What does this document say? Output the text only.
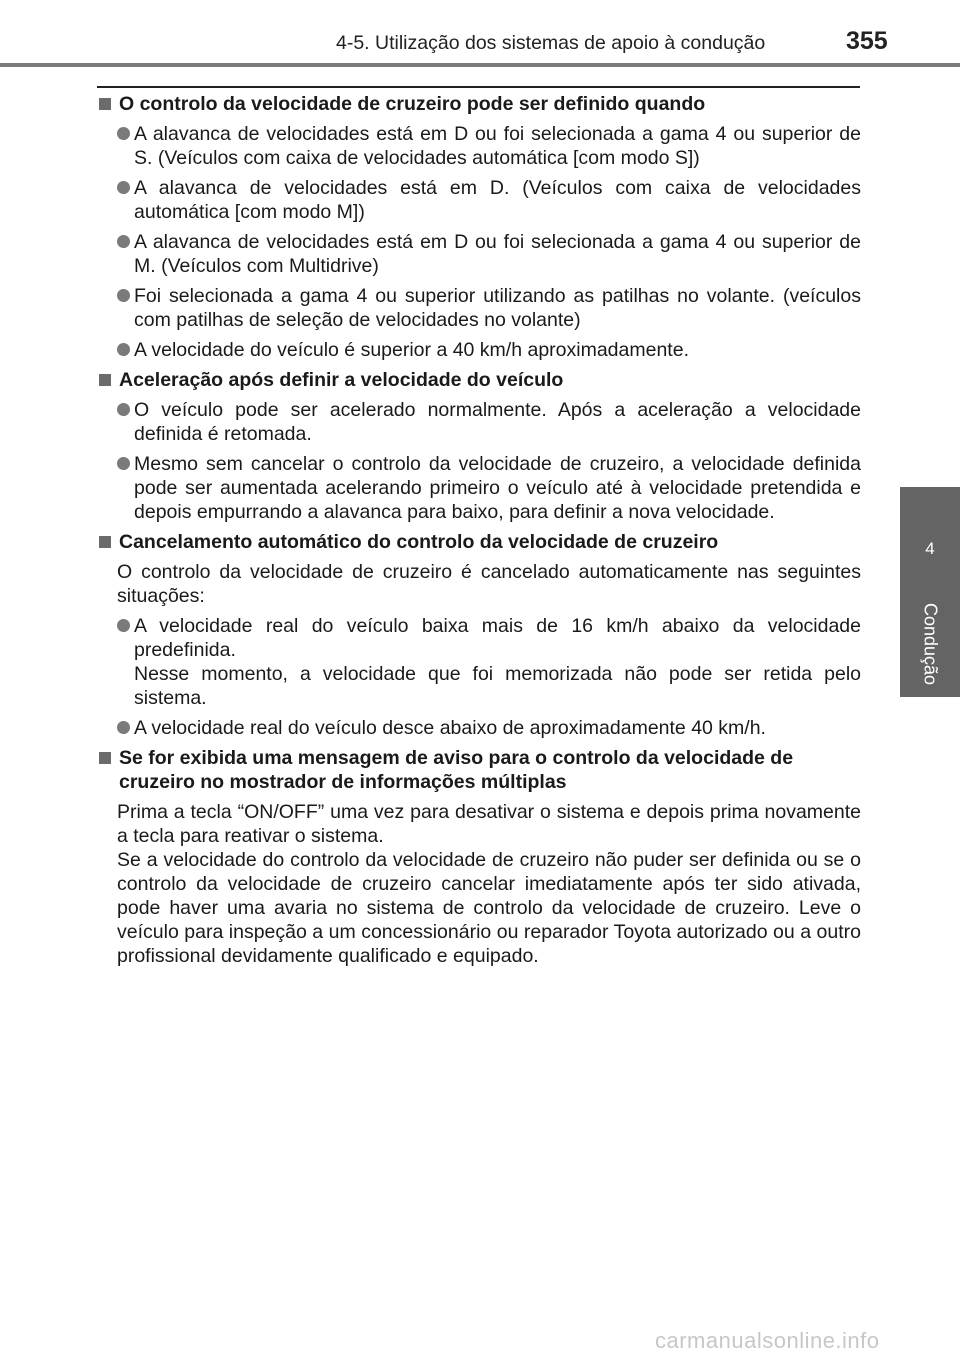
4-5. Utilização dos sistemas de apoio à condução	355
4
Condução
O controlo da velocidade de cruzeiro pode ser definido quando
A alavanca de velocidades está em D ou foi selecionada a gama 4 ou superior de S. (Veículos com caixa de velocidades automática [com modo S])
A alavanca de velocidades está em D. (Veículos com caixa de velocidades automática [com modo M])
A alavanca de velocidades está em D ou foi selecionada a gama 4 ou superior de M. (Veículos com Multidrive)
Foi selecionada a gama 4 ou superior utilizando as patilhas no volante. (veículos com patilhas de seleção de velocidades no volante)
A velocidade do veículo é superior a 40 km/h aproximadamente.
Aceleração após definir a velocidade do veículo
O veículo pode ser acelerado normalmente. Após a aceleração a velocidade definida é retomada.
Mesmo sem cancelar o controlo da velocidade de cruzeiro, a velocidade definida pode ser aumentada acelerando primeiro o veículo até à velocidade pretendida e depois empurrando a alavanca para baixo, para definir a nova velocidade.
Cancelamento automático do controlo da velocidade de cruzeiro
O controlo da velocidade de cruzeiro é cancelado automaticamente nas seguintes situações:
A velocidade real do veículo baixa mais de 16 km/h abaixo da velocidade predefinida.
Nesse momento, a velocidade que foi memorizada não pode ser retida pelo sistema.
A velocidade real do veículo desce abaixo de aproximadamente 40 km/h.
Se for exibida uma mensagem de aviso para o controlo da velocidade de cruzeiro no mostrador de informações múltiplas
Prima a tecla “ON/OFF” uma vez para desativar o sistema e depois prima novamente a tecla para reativar o sistema.
Se a velocidade do controlo da velocidade de cruzeiro não puder ser definida ou se o controlo da velocidade de cruzeiro cancelar imediatamente após ter sido ativada, pode haver uma avaria no sistema de controlo da velocidade de cruzeiro. Leve o veículo para inspeção a um concessionário ou reparador Toyota autorizado ou a outro profissional devidamente qualificado e equipado.
carmanualsonline.info
